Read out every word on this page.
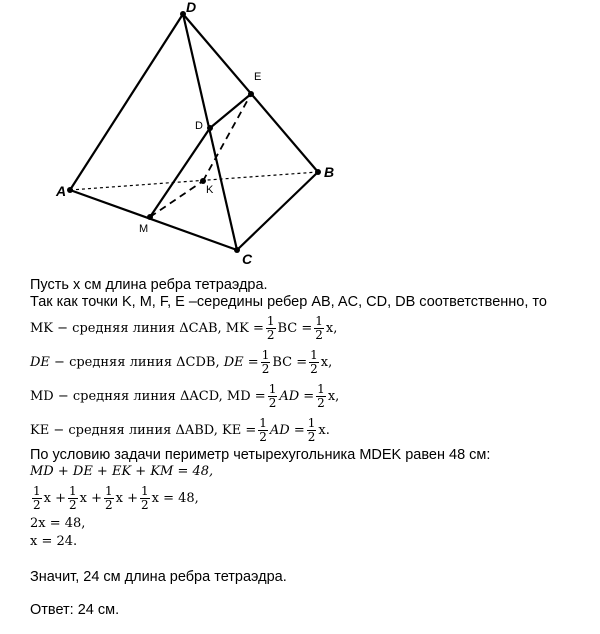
D
E
D
K
A
B
M
C
Пусть x см длина ребра тетраэдра.
Так как точки K, M, F, E –середины ребер AB, AC, CD, DB соответственно, то
MK − средняя линия ΔCAB, MK = $\frac{1}{2}$ BC = $\frac{1}{2} x$,
DE − средняя линия ΔCDB, DE = $\frac{1}{2}$ BC = $\frac{1}{2} x$,
MD − средняя линия ΔACD, MD = $\frac{1}{2}$ AD = $\frac{1}{2} x$,
KE − средняя линия ΔABD, KE = $\frac{1}{2}$ AD = $\frac{1}{2} x$.
По условию задачи периметр четырехугольника MDEK равен 48 см:
MD + DE + EK + KM = 48,
$\frac{1}{2}$ $x + \frac{1}{2}$ $x + \frac{1}{2}$ $x + \frac{1}{2}$ x = 48,
2x = 48,
x = 24.
Значит, 24 см длина ребра тетраэдра.
Ответ: 24 см.
